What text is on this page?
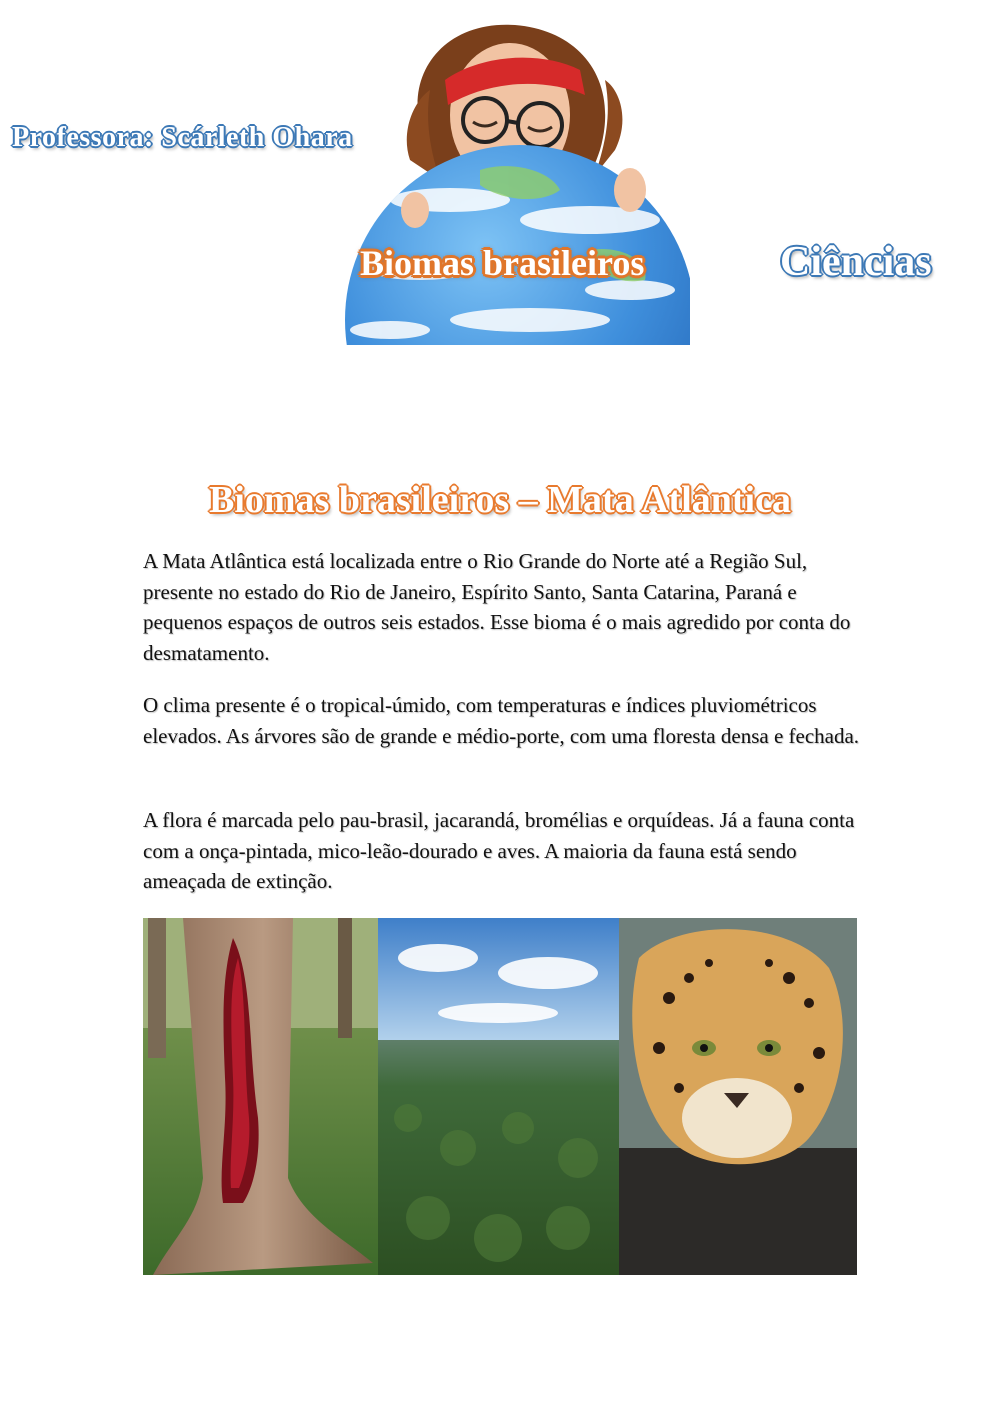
Professora: Scárleth Ohara
Biomas brasileiros	Ciências
Biomas brasileiros – Mata Atlântica
A Mata Atlântica está localizada entre o Rio Grande do Norte até a Região Sul, presente no estado do Rio de Janeiro, Espírito Santo, Santa Catarina, Paraná e pequenos espaços de outros seis estados. Esse bioma é o mais agredido por conta do desmatamento.
O clima presente é o tropical-úmido, com temperaturas e índices pluviométricos elevados. As árvores são de grande e médio-porte, com uma floresta densa e fechada.
A flora é marcada pelo pau-brasil, jacarandá, bromélias e orquídeas. Já a fauna conta com a onça-pintada, mico-leão-dourado e aves. A maioria da fauna está sendo ameaçada de extinção.
